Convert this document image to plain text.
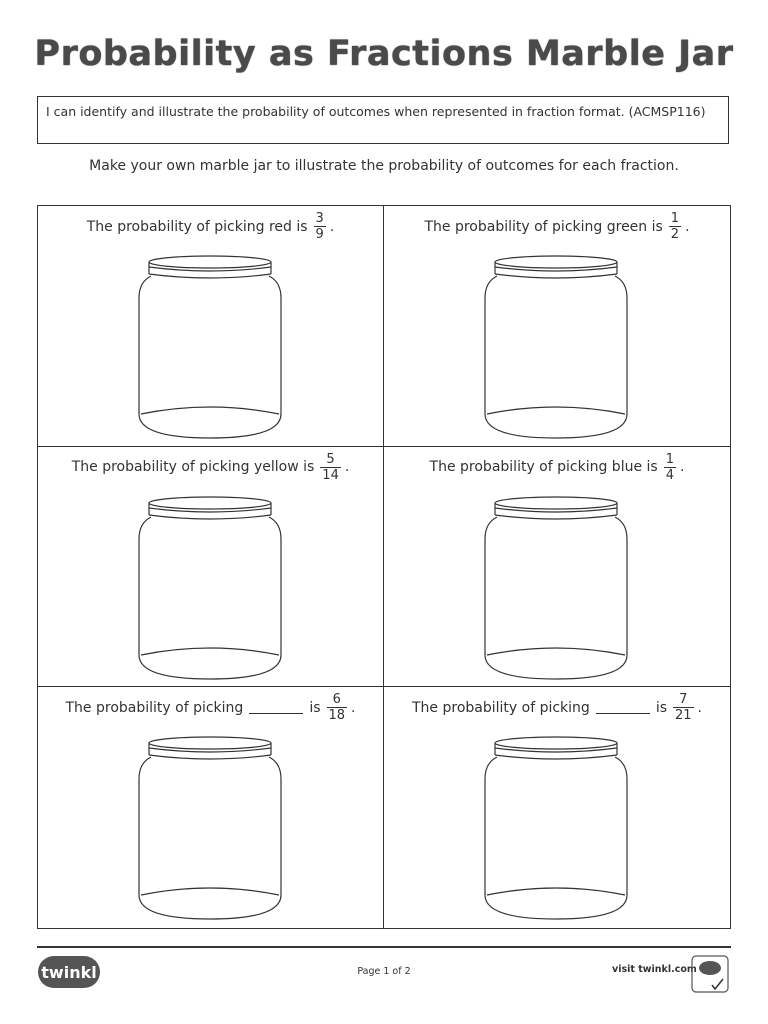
Probability as Fractions Marble Jar
I can identify and illustrate the probability of outcomes when represented in fraction format. (ACMSP116)
Make your own marble jar to illustrate the probability of outcomes for each fraction.
The probability of picking red is $\frac{3}{9}$ .	The probability of picking green is $\frac{1}{2}$ .
The probability of picking yellow is $\frac{5}{14}$ .	The probability of picking blue is $\frac{1}{4}$ .
The probability of picking	is $\frac{6}{18}$ .	The probability of picking	is $\frac{7}{21}$ .
twinkl	Page 1 of 2	visit twinkl.com
